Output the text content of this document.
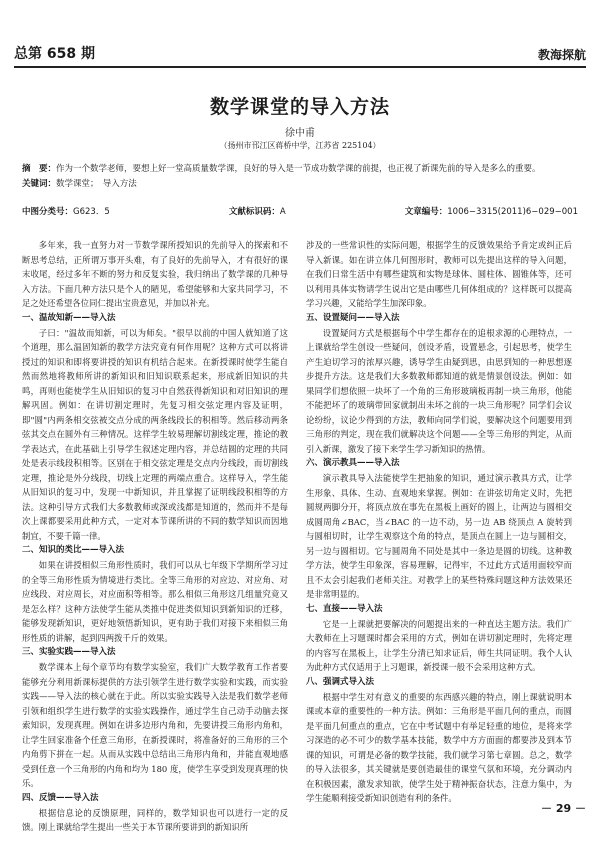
总第 658 期	教海探航
数学课堂的导入方法
徐中甫
（扬州市邗江区蒋桥中学，江苏省 225104）
摘　要：作为一个数学老师，要想上好一堂高质量数学课，良好的导入是一节成功数学课的前提，也正视了新课先前的导入是多么的重要。
关键词：数学课堂；　导入方法
中图分类号：G623．5	文献标识码：A	文章编号：1006−3315(2011)6−029−001

多年来，我一直努力对一节数学课所授知识的先前导入的探索和不断思考总结，正所谓万事开头难，有了良好的先前导入，才有很好的课末收尾，经过多年不断的努力和反复实验，我归纳出了数学课的几种导入方法。下面几种方法只是个人的陋见，希望能够和大家共同学习，不足之处还希望各位同仁提出宝贵意见，并加以补充。

一、温故知新——导入法

子曰："温故而知新，可以为师矣。"很早以前的中国人就知道了这个道理，那么温固知新的教学方法究竟有何作用呢？这种方式可以将讲授过的知识和即将要讲授的知识有机结合起来。在新授课时使学生能自然而然地将教师所讲的新知识和旧知识联系起来，形成新旧知识的共鸣，再则也能使学生从旧知识的复习中自然获得新知识和对旧知识的理解巩固。例如：在讲切割定理时，先复习相交弦定理内容及证明，即"圆"内两条相交弦被交点分成的两条线段长的积相等。然后移动两条弦其交点在圆外有三种情况。这样学生较易理解切割线定理，推论的教学表达式，在此基础上引导学生叙述定理内容，并总结圆的定理的共同处是表示线段积相等。区别在于相交弦定理是交点内分线段，而切割线定理，推论是外分线段，切线上定理的两端点重合。这样导入，学生能从旧知识的复习中，发现一中新知识，并且掌握了证明线段积相等的方法。这种引导方式我们大多数教师或深或浅都是知道的，然而并不是每次上课都要采用此种方式，一定对本节课所讲的不同的数学知识而因地制宜，不要千篇一律。

二、知识的类比——导入法

如果在讲授相似三角形性质时，我们可以从七年级下学期所学习过的全等三角形性质为情境进行类比。全等三角形的对应边、对应角、对应线段、对应周长，对应面积等相等。那么相似三角形这几组量究竟又是怎么样？这种方法使学生能从类推中促进类似知识到新知识的迁移，能够发现新知识，更好地领悟新知识，更有助于我们对接下来相似三角形性质的讲解，起到四两拨千斤的效果。

三、实验实践——导入法

数学课本上每个章节均有数学实验室，我们广大数学教育工作者要能够充分利用新课标提供的方法引领学生进行数学实验和实践，而实验实践——导入法的核心就在于此。所以实验实践导入法是我们数学老师引领和组织学生进行数学的实验实践操作，通过学生自己动手动脑去探索知识，发现真理。例如在讲多边形内角和，先要讲授三角形内角和，让学生回家准备个任意三角形，在新授课时，将准备好的三角形的三个内角剪下拼在一起。从而从实践中总结出三角形内角和，并能直观地感受到任意一个三角形的内角和均为 180 度，使学生享受到发现真理的快乐。

四、反馈——导入法

根据信息论的反馈原理，同样的，数学知识也可以进行一定的反馈。刚上课就给学生提出一些关于本节课所要讲到的新知识所

涉及的一些常识性的实际问题，根据学生的反馈效果给予肯定或纠正后导入新课。如在讲立体几何图形时，教师可以先提出这样的导入问题，在我们日常生活中有哪些建筑和实物是球体、圆柱体、圆锥体等，还可以利用具体实物请学生说出它是由哪些几何体组成的？这样既可以提高学习兴趣，又能给学生加深印象。

五、设置疑问——导入法

设置疑问方式是根据每个中学生都存在的追根求源的心理特点，一上课就给学生创设一些疑问，创设矛盾，设置悬念，引起思考，使学生产生迫切学习的浓厚兴趣，诱导学生由疑到思，由思到知的一种思想逐步提升方法。这是我们大多数教师都知道的就是情景创设法。例如：如果同学们想依照一块坏了一个角的三角形玻璃板再制一块三角形，他能不能把坏了的玻璃带回家就制出未坏之前的一块三角形呢？同学们会议论纷纷，议论少得到的方法，教师向同学们说，要解决这个问题要用到三角形的判定，现在我们就解决这个问题——全等三角形的判定，从而引入新课，激发了接下来学生学习新知识的热情。

六、演示教具——导入法

演示教具导入法能使学生把抽象的知识，通过演示教具方式，让学生形象、具体、生动、直观地来掌握。例如：在讲弦切角定义时，先把圆规两脚分开，将顶点放在事先在黑板上画好的圆上，让两边与圆相交成圆周角∠BAC，当∠BAC 的一边不动，另一边 AB 绕顶点 A 旋转到与圆相切时，让学生观察这个角的特点，是顶点在圆上一边与圆相交，另一边与圆相切。它与圆周角不同处是其中一条边是圆的切线。这种教学方法，使学生印象深，容易理解，记得牢，不过此方式适用面较窄而且不太会引起我们老师关注。对教学上的某些特殊问题这种方法效果还是非常明显的。

七、直接——导入法

它是一上课就把要解决的问题提出来的一种直达主题方法。我们广大教师在上习题课时都会采用的方式，例如在讲切割定理时，先将定理的内容写在黑板上，让学生分清已知求证后，师生共同证明。我个人认为此种方式仅适用于上习题课，新授课一般不会采用这种方式。

八、强调式导入法

根据中学生对有意义的重要的东西感兴趣的特点，刚上课就说明本课或本章的重要性的一种方法。例如：三角形是平面几何的重点，而圆是平面几何重点的重点，它在中考试题中有举足轻重的地位，是将来学习深造的必不可少的数学基本技能，数学中方方面面的都要涉及到本节课的知识，可谓是必备的数学技能，我们就学习第七章圆。总之，数学的导入法很多，其关键就是要创造最佳的课堂气氛和环境，充分调动内在积极因素，激发求知欲，使学生处于精神振奋状态，注意力集中，为学生能顺利接受新知识创造有利的条件。

－ 29 －
